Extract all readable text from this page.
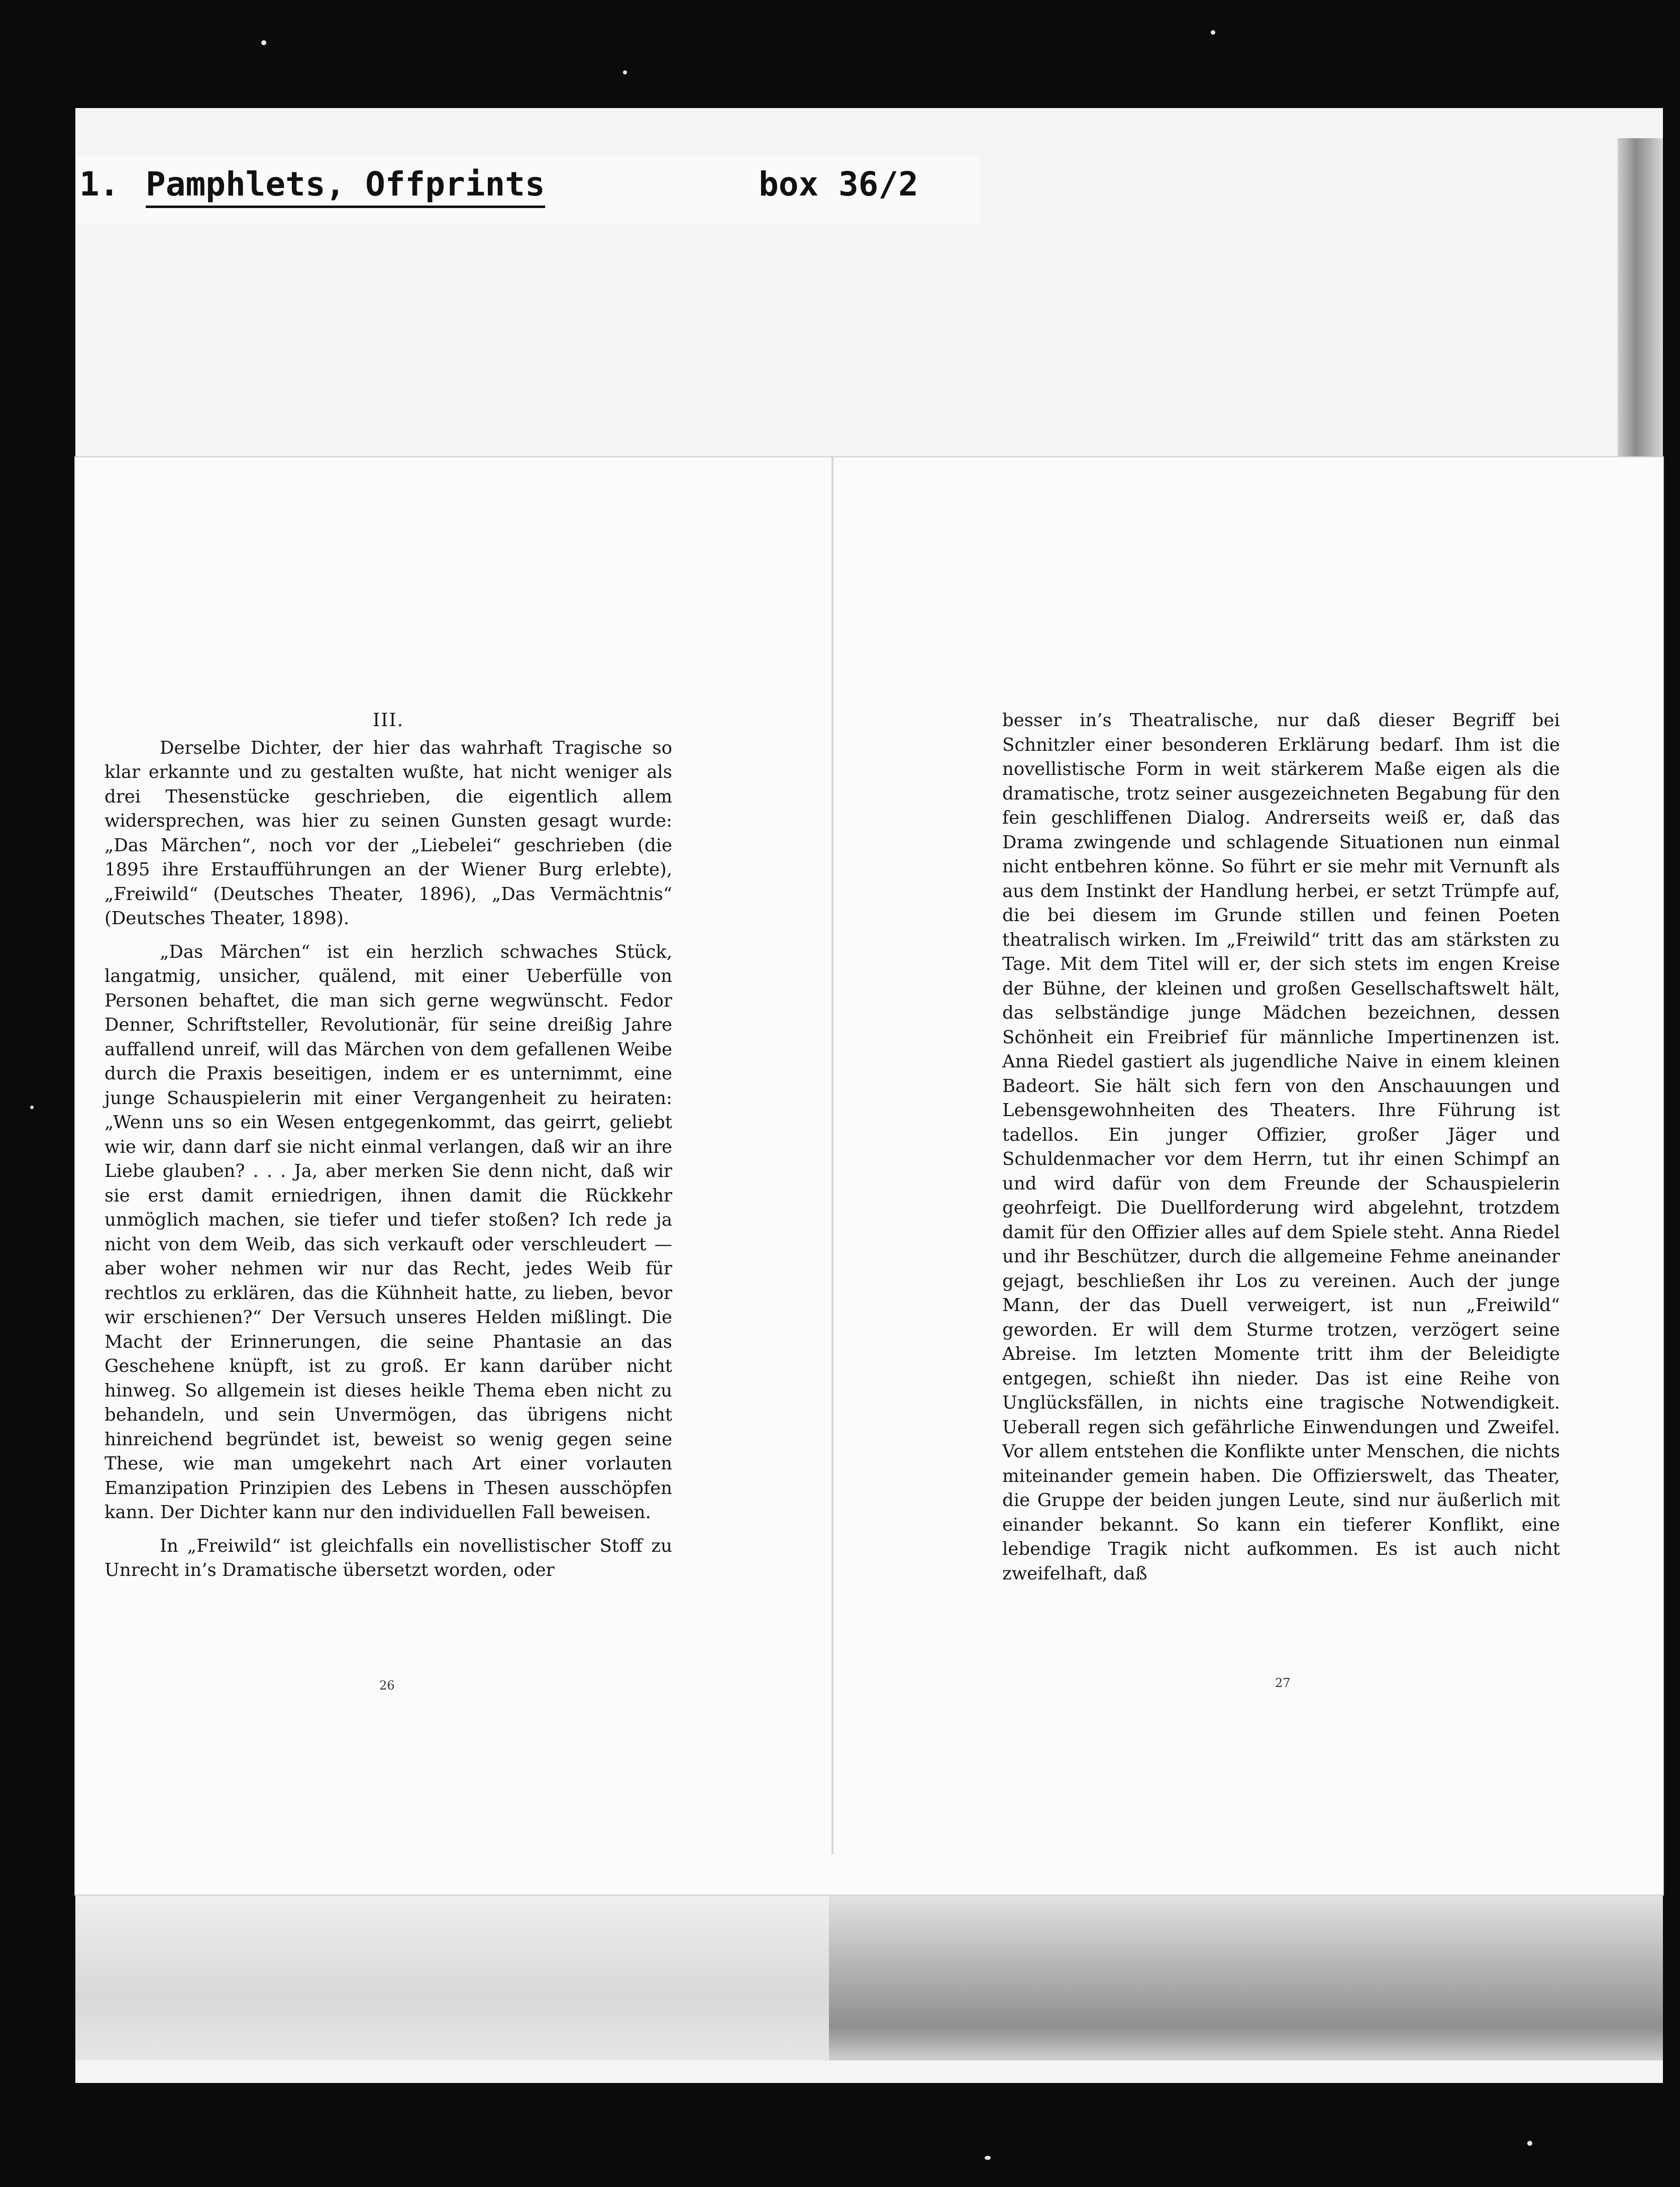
1. Pamphlets, Offprints	box 36/2
III.

Derselbe Dichter, der hier das wahrhaft Tragische so klar erkannte und zu gestalten wußte, hat nicht weniger als drei Thesenstücke geschrieben, die eigentlich allem widersprechen, was hier zu seinen Gunsten gesagt wurde: „Das Märchen“, noch vor der „Liebelei“ geschrieben (die 1895 ihre Erstaufführungen an der Wiener Burg erlebte), „Freiwild“ (Deutsches Theater, 1896), „Das Vermächtnis“ (Deutsches Theater, 1898).

„Das Märchen“ ist ein herzlich schwaches Stück, langatmig, unsicher, quälend, mit einer Ueberfülle von Personen behaftet, die man sich gerne wegwünscht. Fedor Denner, Schriftsteller, Revolutionär, für seine dreißig Jahre auffallend unreif, will das Märchen von dem gefallenen Weibe durch die Praxis beseitigen, indem er es unternimmt, eine junge Schauspielerin mit einer Vergangenheit zu heiraten: „Wenn uns so ein Wesen entgegenkommt, das geirrt, geliebt wie wir, dann darf sie nicht einmal verlangen, daß wir an ihre Liebe glauben? . . . Ja, aber merken Sie denn nicht, daß wir sie erst damit erniedrigen, ihnen damit die Rückkehr unmöglich machen, sie tiefer und tiefer stoßen? Ich rede ja nicht von dem Weib, das sich verkauft oder verschleudert — aber woher nehmen wir nur das Recht, jedes Weib für rechtlos zu erklären, das die Kühnheit hatte, zu lieben, bevor wir erschienen?“ Der Versuch unseres Helden mißlingt. Die Macht der Erinnerungen, die seine Phantasie an das Geschehene knüpft, ist zu groß. Er kann darüber nicht hinweg. So allgemein ist dieses heikle Thema eben nicht zu behandeln, und sein Unvermögen, das übrigens nicht hinreichend begründet ist, beweist so wenig gegen seine These, wie man umgekehrt nach Art einer vorlauten Emanzipation Prinzipien des Lebens in Thesen ausschöpfen kann. Der Dichter kann nur den individuellen Fall beweisen.

In „Freiwild“ ist gleichfalls ein novellistischer Stoff zu Unrecht in’s Dramatische übersetzt worden, oder

26

besser in’s Theatralische, nur daß dieser Begriff bei Schnitzler einer besonderen Erklärung bedarf. Ihm ist die novellistische Form in weit stärkerem Maße eigen als die dramatische, trotz seiner ausgezeichneten Begabung für den fein geschliffenen Dialog. Andrerseits weiß er, daß das Drama zwingende und schlagende Situationen nun einmal nicht entbehren könne. So führt er sie mehr mit Vernunft als aus dem Instinkt der Handlung herbei, er setzt Trümpfe auf, die bei diesem im Grunde stillen und feinen Poeten theatralisch wirken. Im „Freiwild“ tritt das am stärksten zu Tage. Mit dem Titel will er, der sich stets im engen Kreise der Bühne, der kleinen und großen Gesellschaftswelt hält, das selbständige junge Mädchen bezeichnen, dessen Schönheit ein Freibrief für männliche Impertinenzen ist. Anna Riedel gastiert als jugendliche Naive in einem kleinen Badeort. Sie hält sich fern von den Anschauungen und Lebensgewohnheiten des Theaters. Ihre Führung ist tadellos. Ein junger Offizier, großer Jäger und Schuldenmacher vor dem Herrn, tut ihr einen Schimpf an und wird dafür von dem Freunde der Schauspielerin geohrfeigt. Die Duellforderung wird abgelehnt, trotzdem damit für den Offizier alles auf dem Spiele steht. Anna Riedel und ihr Beschützer, durch die allgemeine Fehme aneinander gejagt, beschließen ihr Los zu vereinen. Auch der junge Mann, der das Duell verweigert, ist nun „Freiwild“ geworden. Er will dem Sturme trotzen, verzögert seine Abreise. Im letzten Momente tritt ihm der Beleidigte entgegen, schießt ihn nieder. Das ist eine Reihe von Unglücksfällen, in nichts eine tragische Notwendigkeit. Ueberall regen sich gefährliche Einwendungen und Zweifel. Vor allem entstehen die Konflikte unter Menschen, die nichts miteinander gemein haben. Die Offizierswelt, das Theater, die Gruppe der beiden jungen Leute, sind nur äußerlich mit einander bekannt. So kann ein tieferer Konflikt, eine lebendige Tragik nicht aufkommen. Es ist auch nicht zweifelhaft, daß

27
